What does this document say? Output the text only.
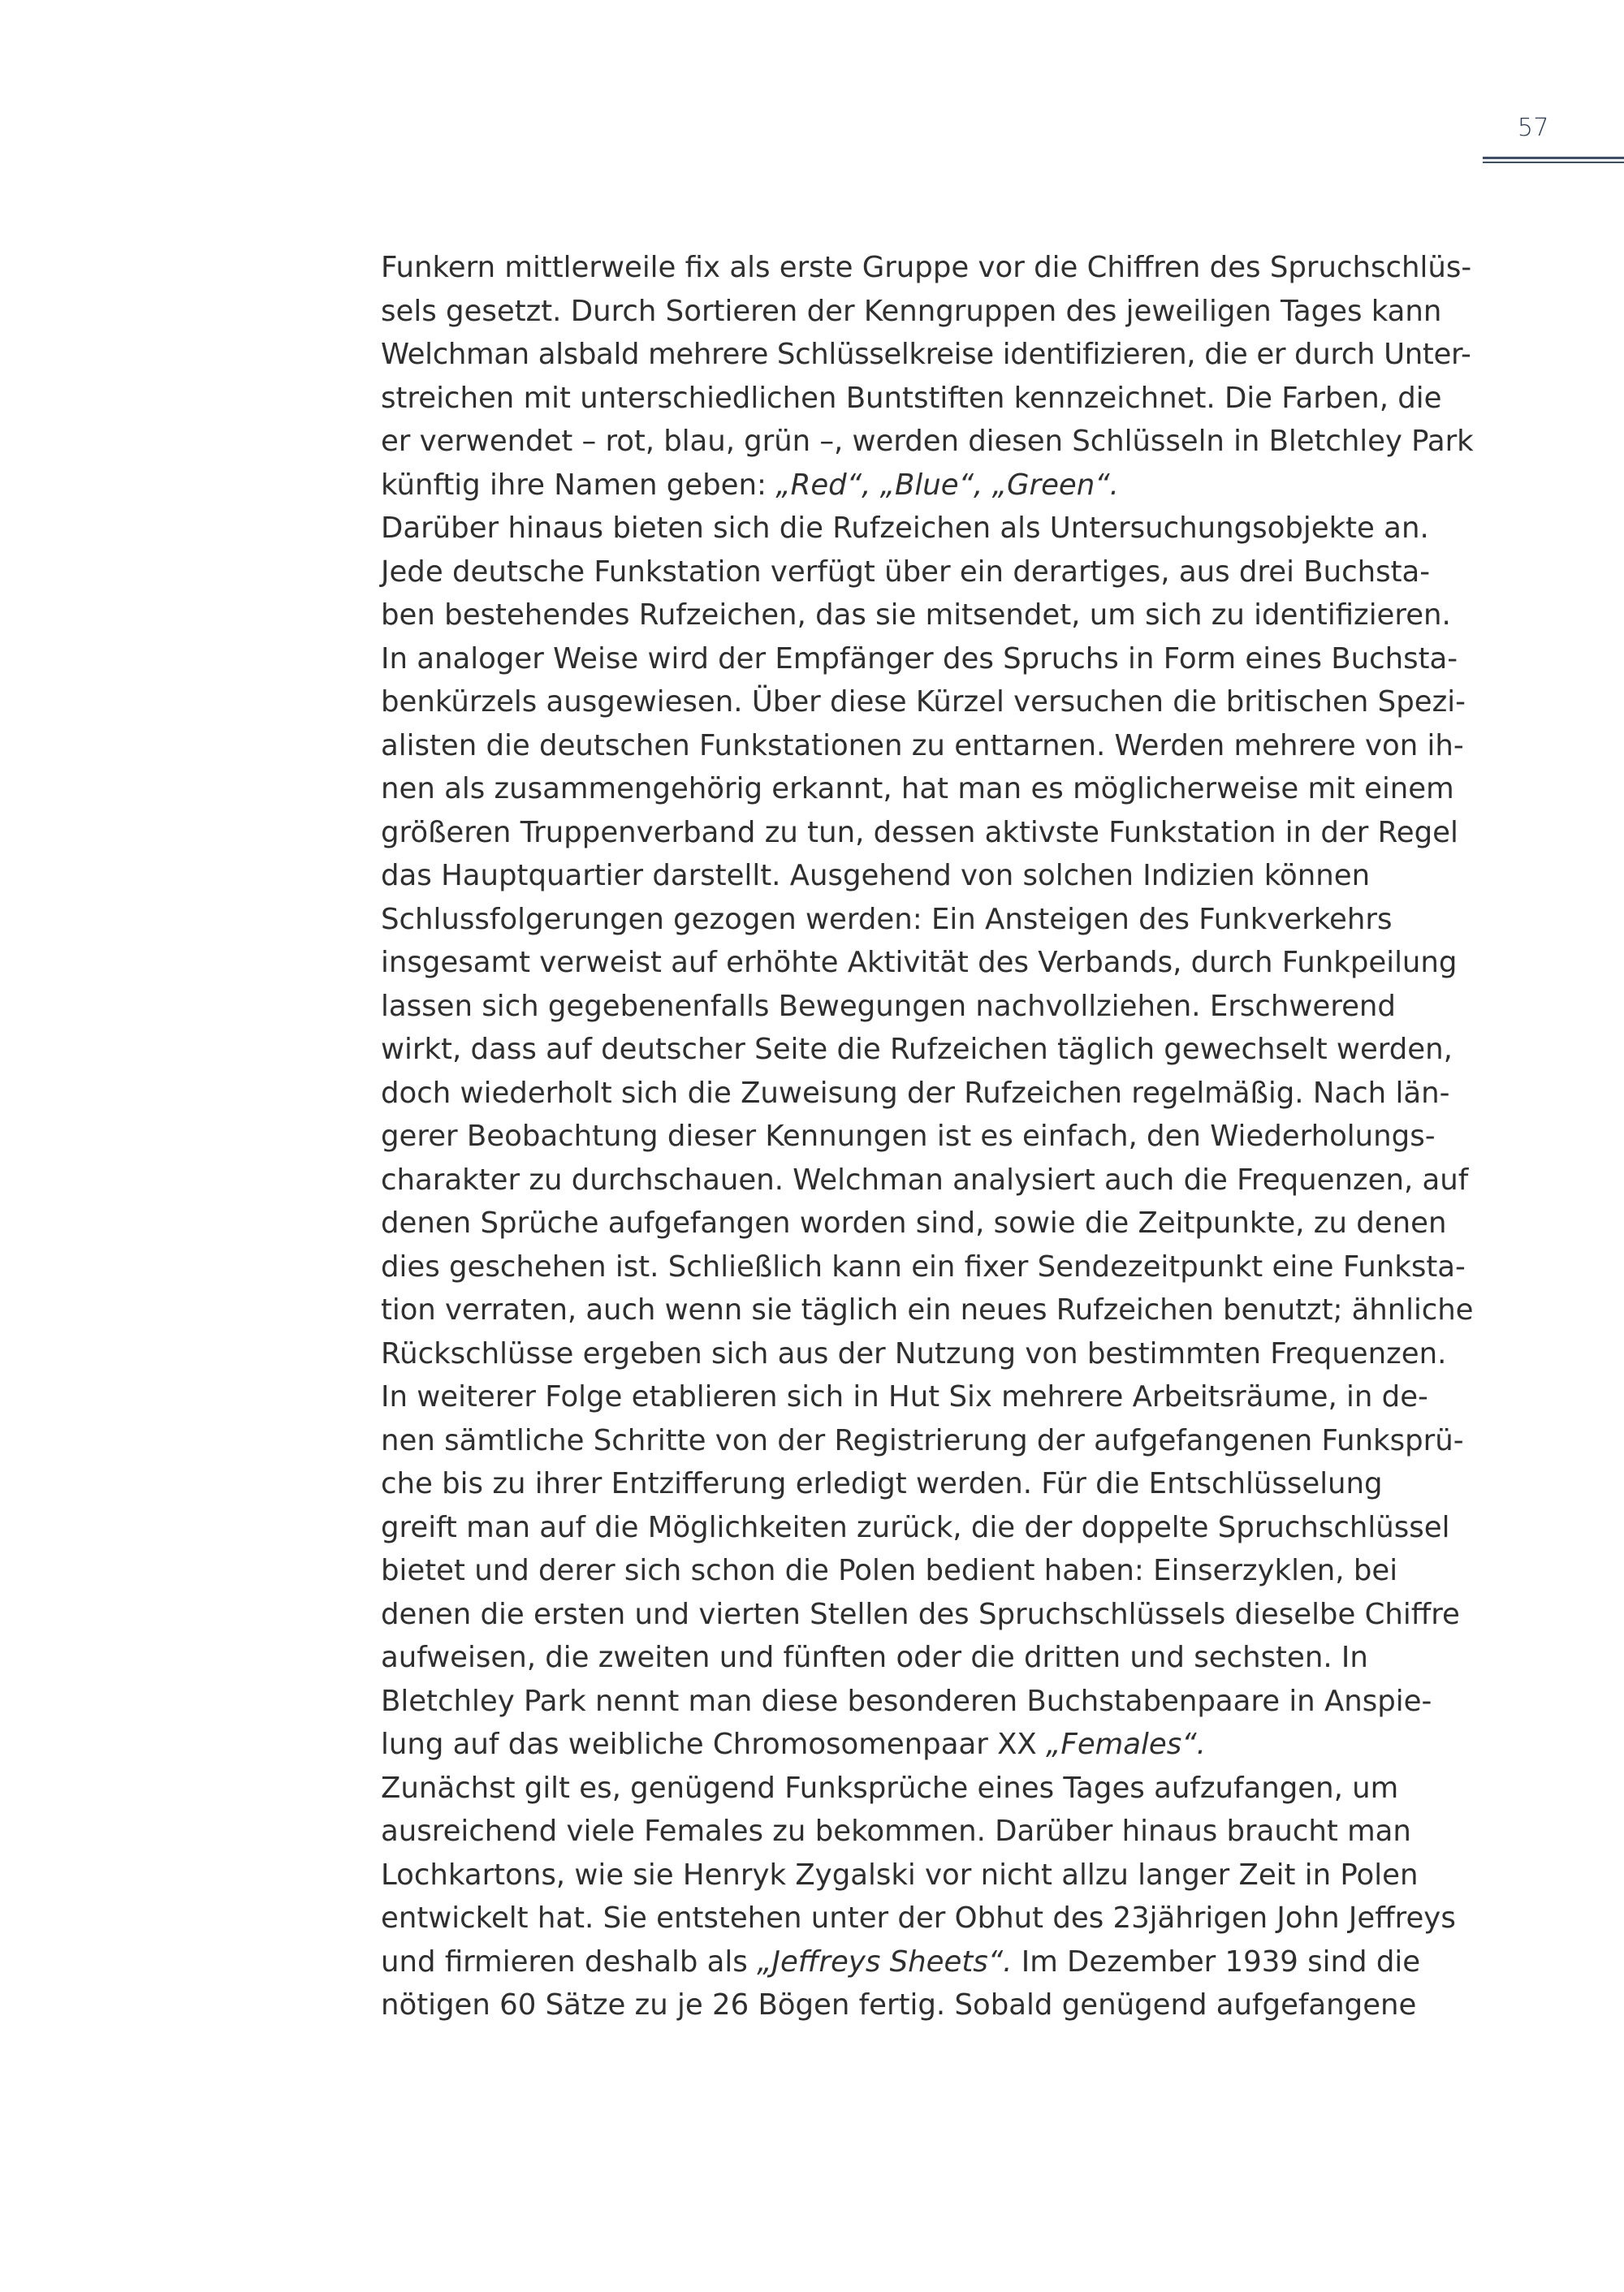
57
Funkern mittlerweile fix als erste Gruppe vor die Chiffren des Spruchschlüs-
sels gesetzt. Durch Sortieren der Kenngruppen des jeweiligen Tages kann
Welchman alsbald mehrere Schlüsselkreise identifizieren, die er durch Unter-
streichen mit unterschiedlichen Buntstiften kennzeichnet. Die Farben, die
er verwendet – rot, blau, grün –, werden diesen Schlüsseln in Bletchley Park
künftig ihre Namen geben: „Red“, „Blue“, „Green“.
Darüber hinaus bieten sich die Rufzeichen als Untersuchungsobjekte an.
Jede deutsche Funkstation verfügt über ein derartiges, aus drei Buchsta-
ben bestehendes Rufzeichen, das sie mitsendet, um sich zu identifizieren.
In analoger Weise wird der Empfänger des Spruchs in Form eines Buchsta-
benkürzels ausgewiesen. Über diese Kürzel versuchen die britischen Spezi-
alisten die deutschen Funkstationen zu enttarnen. Werden mehrere von ih-
nen als zusammengehörig erkannt, hat man es möglicherweise mit einem
größeren Truppenverband zu tun, dessen aktivste Funkstation in der Regel
das Hauptquartier darstellt. Ausgehend von solchen Indizien können
Schlussfolgerungen gezogen werden: Ein Ansteigen des Funkverkehrs
insgesamt verweist auf erhöhte Aktivität des Verbands, durch Funkpeilung
lassen sich gegebenenfalls Bewegungen nachvollziehen. Erschwerend
wirkt, dass auf deutscher Seite die Rufzeichen täglich gewechselt werden,
doch wiederholt sich die Zuweisung der Rufzeichen regelmäßig. Nach län-
gerer Beobachtung dieser Kennungen ist es einfach, den Wiederholungs-
charakter zu durchschauen. Welchman analysiert auch die Frequenzen, auf
denen Sprüche aufgefangen worden sind, sowie die Zeitpunkte, zu denen
dies geschehen ist. Schließlich kann ein fixer Sendezeitpunkt eine Funksta-
tion verraten, auch wenn sie täglich ein neues Rufzeichen benutzt; ähnliche
Rückschlüsse ergeben sich aus der Nutzung von bestimmten Frequenzen.
In weiterer Folge etablieren sich in Hut Six mehrere Arbeitsräume, in de-
nen sämtliche Schritte von der Registrierung der aufgefangenen Funksprü-
che bis zu ihrer Entzifferung erledigt werden. Für die Entschlüsselung
greift man auf die Möglichkeiten zurück, die der doppelte Spruchschlüssel
bietet und derer sich schon die Polen bedient haben: Einserzyklen, bei
denen die ersten und vierten Stellen des Spruchschlüssels dieselbe Chiffre
aufweisen, die zweiten und fünften oder die dritten und sechsten. In
Bletchley Park nennt man diese besonderen Buchstabenpaare in Anspie-
lung auf das weibliche Chromosomenpaar XX „Females“.
Zunächst gilt es, genügend Funksprüche eines Tages aufzufangen, um
ausreichend viele Females zu bekommen. Darüber hinaus braucht man
Lochkartons, wie sie Henryk Zygalski vor nicht allzu langer Zeit in Polen
entwickelt hat. Sie entstehen unter der Obhut des 23jährigen John Jeffreys
und firmieren deshalb als „Jeffreys Sheets“. Im Dezember 1939 sind die
nötigen 60 Sätze zu je 26 Bögen fertig. Sobald genügend aufgefangene
